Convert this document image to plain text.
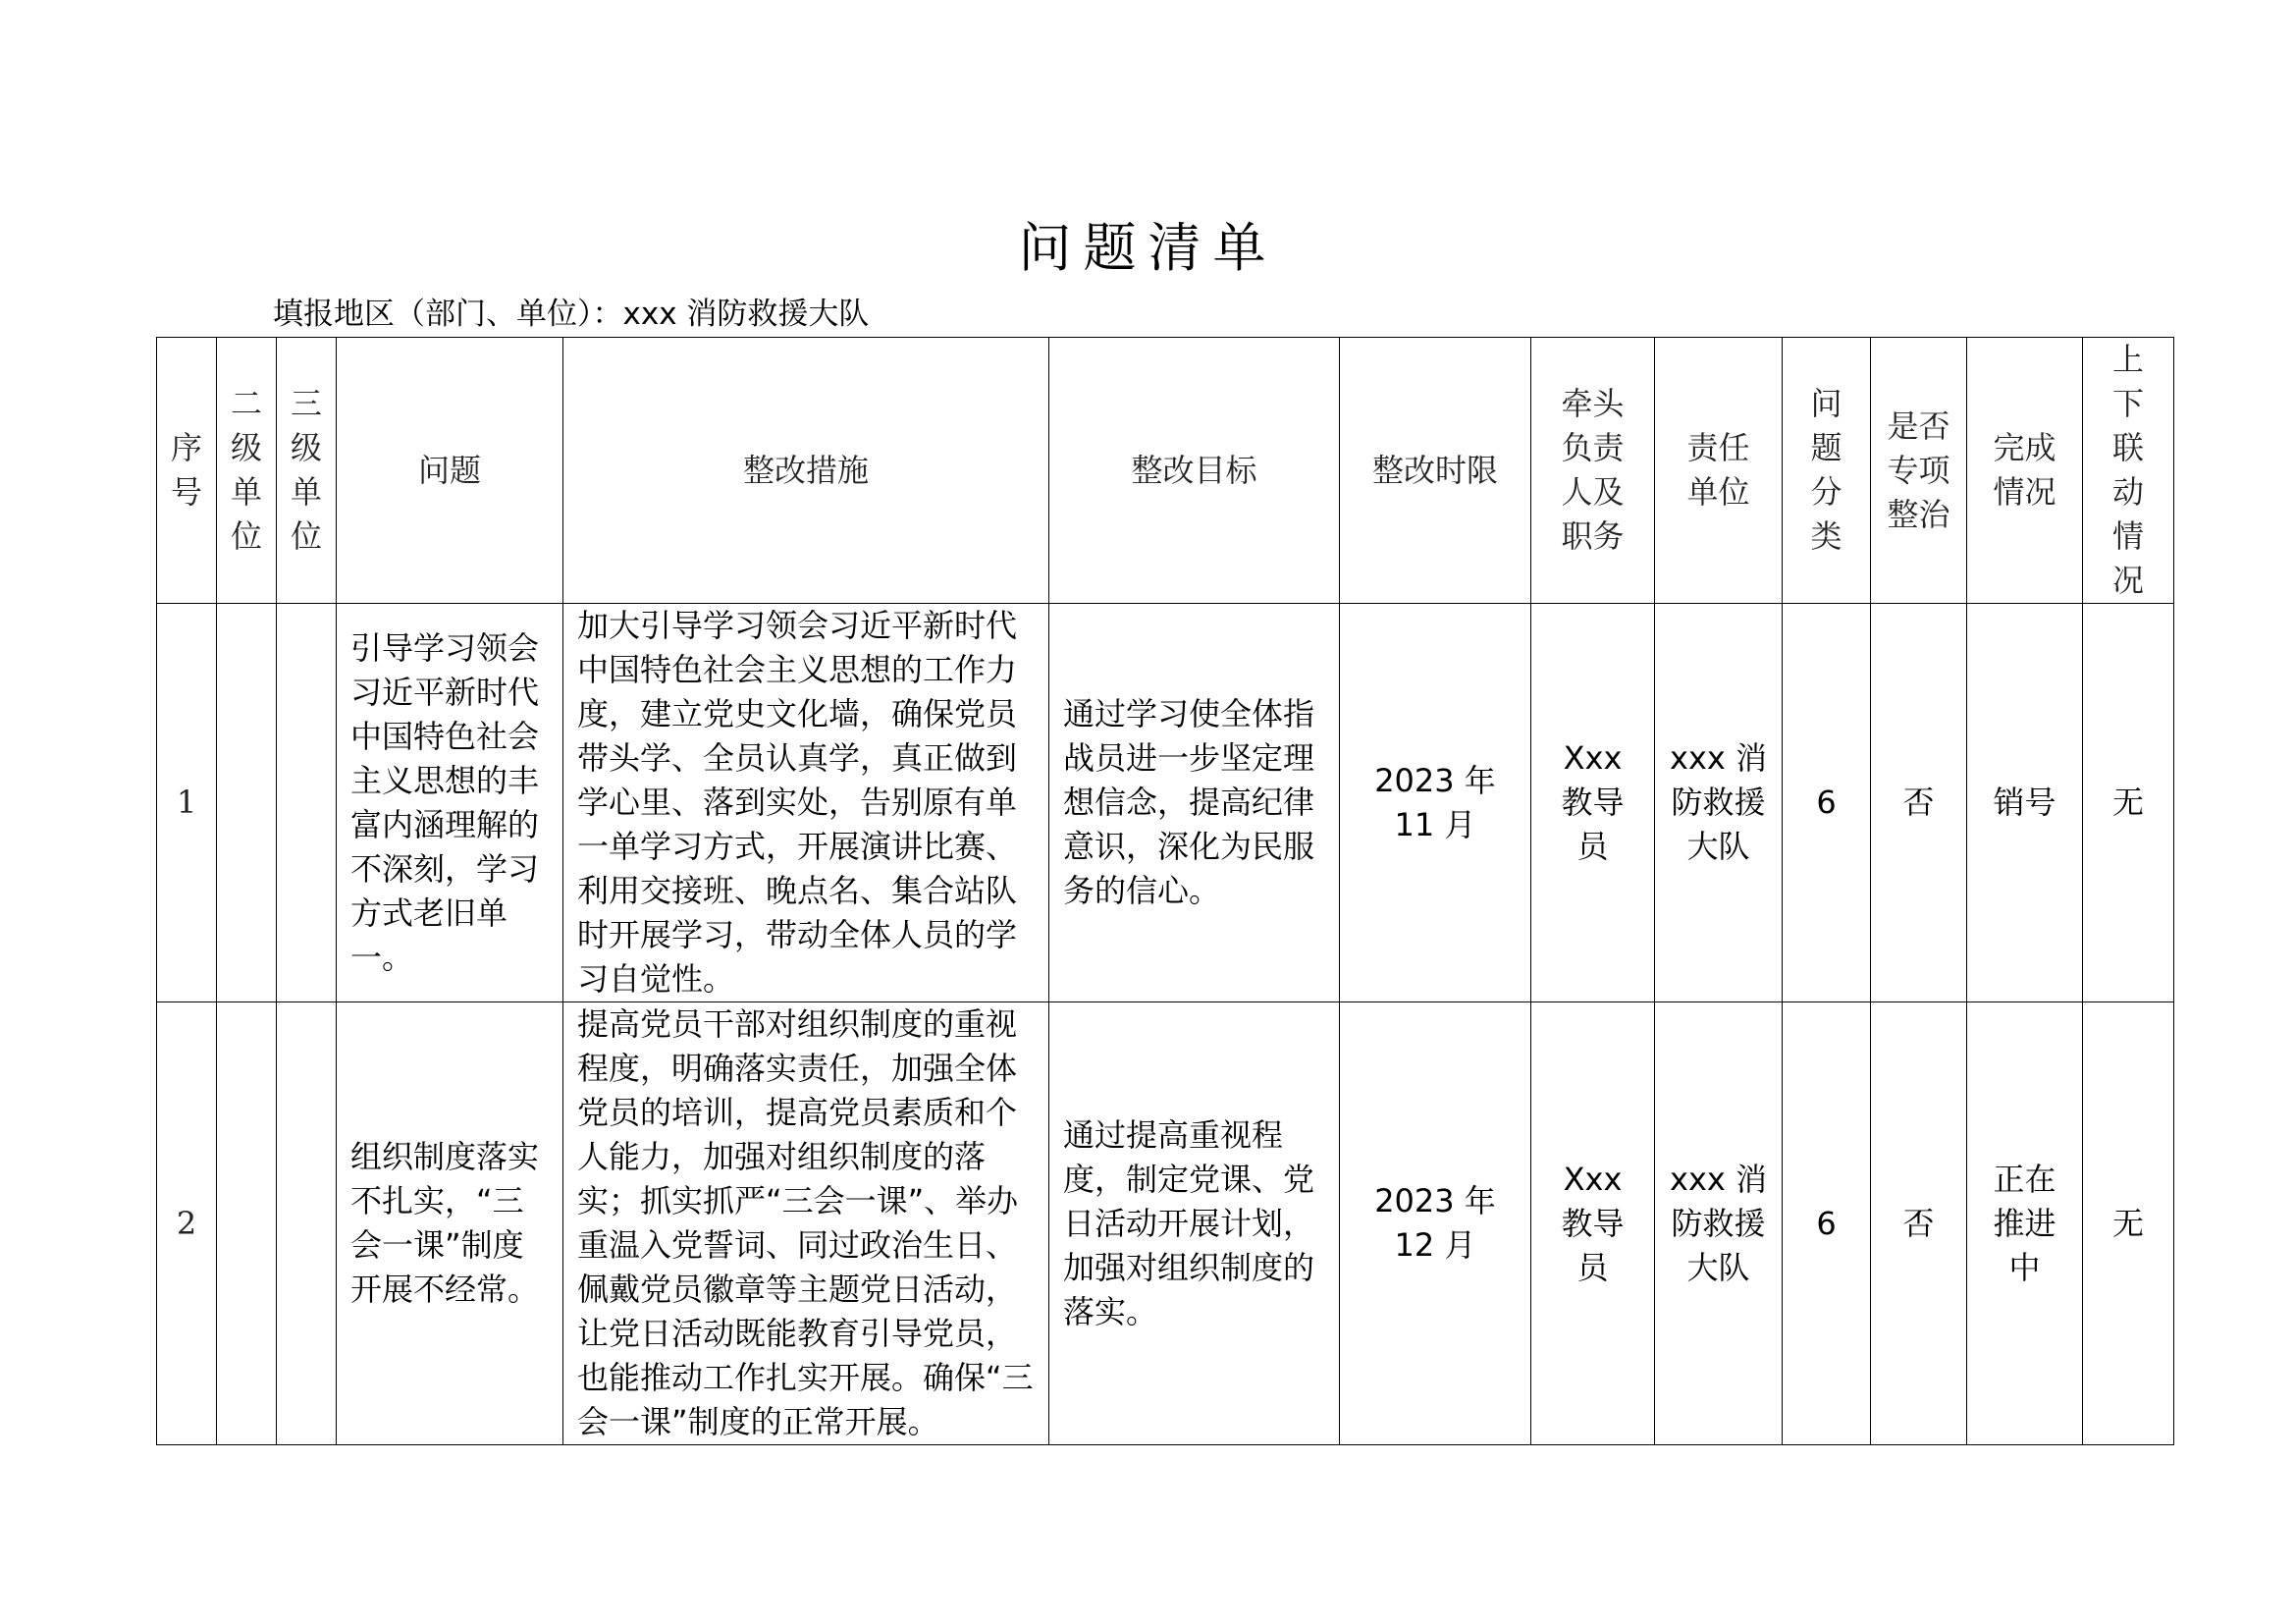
问题清单
填报地区（部门、单位）：xxx 消防救援大队
序号	二级单位	三级单位	问题	整改措施	整改目标	整改时限	牵头负责人及职务	责任单位	问题分类	是否专项整治	完成情况	上下联动情况
1			引导学习领会习近平新时代中国特色社会主义思想的丰富内涵理解的不深刻，学习方式老旧单一。	加大引导学习领会习近平新时代中国特色社会主义思想的工作力度，建立党史文化墙，确保党员带头学、全员认真学，真正做到学心里、落到实处，告别原有单一单学习方式，开展演讲比赛、利用交接班、晚点名、集合站队时开展学习，带动全体人员的学习自觉性。	通过学习使全体指战员进一步坚定理想信念，提高纪律意识，深化为民服务的信心。	2023 年 11 月	Xxx 教导员	xxx 消防救援大队	6	否	销号	无
2			组织制度落实不扎实，“三会一课”制度开展不经常。	提高党员干部对组织制度的重视程度，明确落实责任，加强全体党员的培训，提高党员素质和个人能力，加强对组织制度的落实；抓实抓严“三会一课”、举办重温入党誓词、同过政治生日、佩戴党员徽章等主题党日活动，让党日活动既能教育引导党员，也能推动工作扎实开展。确保“三会一课”制度的正常开展。	通过提高重视程度，制定党课、党日活动开展计划，加强对组织制度的落实。	2023 年 12 月	Xxx 教导员	xxx 消防救援大队	6	否	正在推进中	无
